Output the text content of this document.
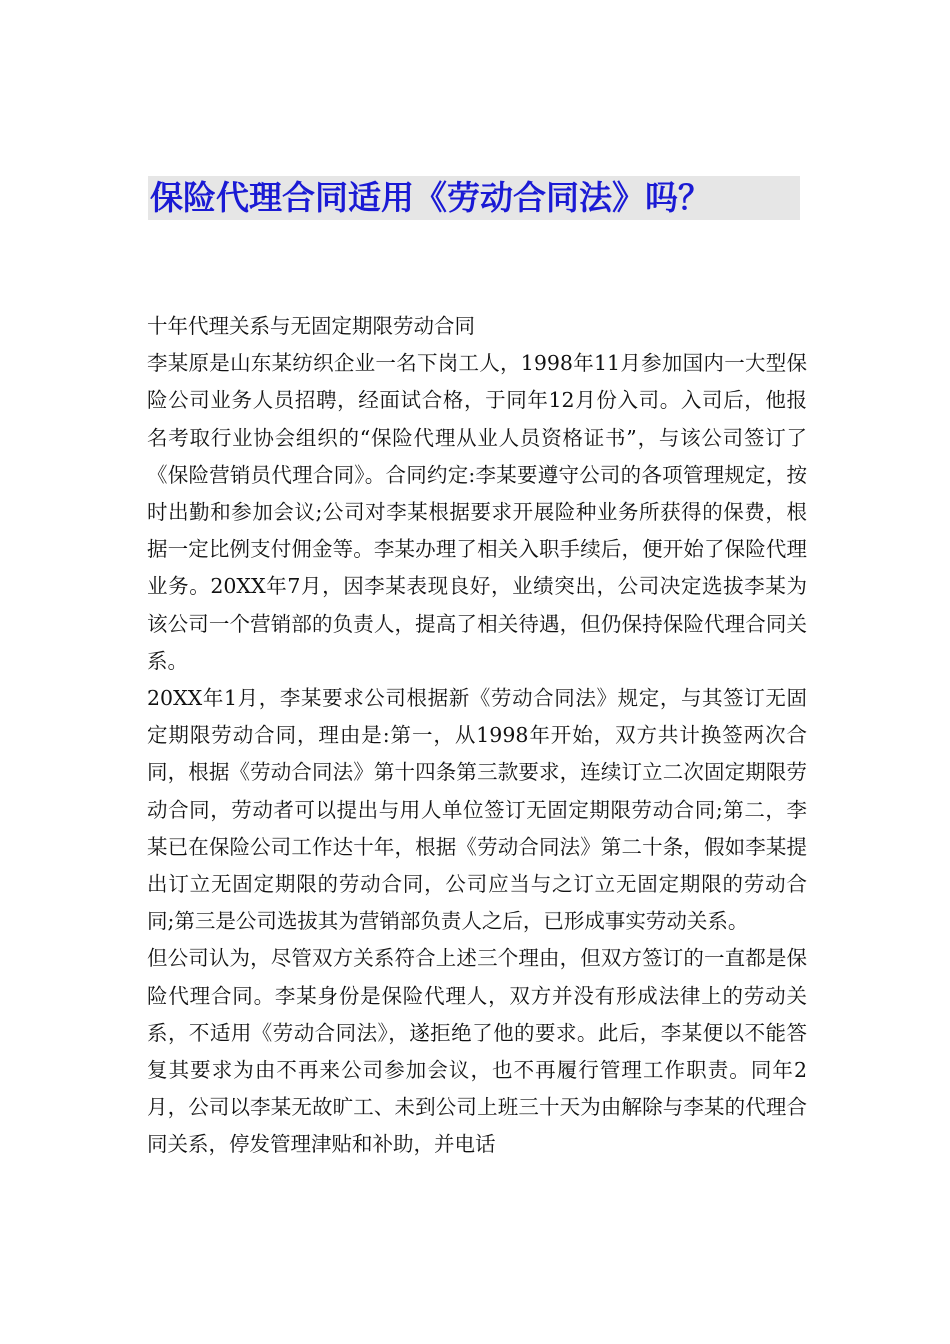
保险代理合同适用《劳动合同法》吗？

十年代理关系与无固定期限劳动合同

李某原是山东某纺织企业一名下岗工人，1998年11月参加国内一大型保险公司业务人员招聘，经面试合格，于同年12月份入司。入司后，他报名考取行业协会组织的“保险代理从业人员资格证书”，与该公司签订了《保险营销员代理合同》。合同约定:李某要遵守公司的各项管理规定，按时出勤和参加会议;公司对李某根据要求开展险种业务所获得的保费，根据一定比例支付佣金等。李某办理了相关入职手续后，便开始了保险代理业务。20XX年7月，因李某表现良好，业绩突出，公司决定选拔李某为该公司一个营销部的负责人，提高了相关待遇，但仍保持保险代理合同关系。

20XX年1月，李某要求公司根据新《劳动合同法》规定，与其签订无固定期限劳动合同，理由是:第一，从1998年开始，双方共计换签两次合同，根据《劳动合同法》第十四条第三款要求，连续订立二次固定期限劳动合同，劳动者可以提出与用人单位签订无固定期限劳动合同;第二，李某已在保险公司工作达十年，根据《劳动合同法》第二十条，假如李某提出订立无固定期限的劳动合同，公司应当与之订立无固定期限的劳动合同;第三是公司选拔其为营销部负责人之后，已形成事实劳动关系。

但公司认为，尽管双方关系符合上述三个理由，但双方签订的一直都是保险代理合同。李某身份是保险代理人，双方并没有形成法律上的劳动关系，不适用《劳动合同法》，遂拒绝了他的要求。此后，李某便以不能答复其要求为由不再来公司参加会议，也不再履行管理工作职责。同年2月，公司以李某无故旷工、未到公司上班三十天为由解除与李某的代理合同关系，停发管理津贴和补助，并电话
